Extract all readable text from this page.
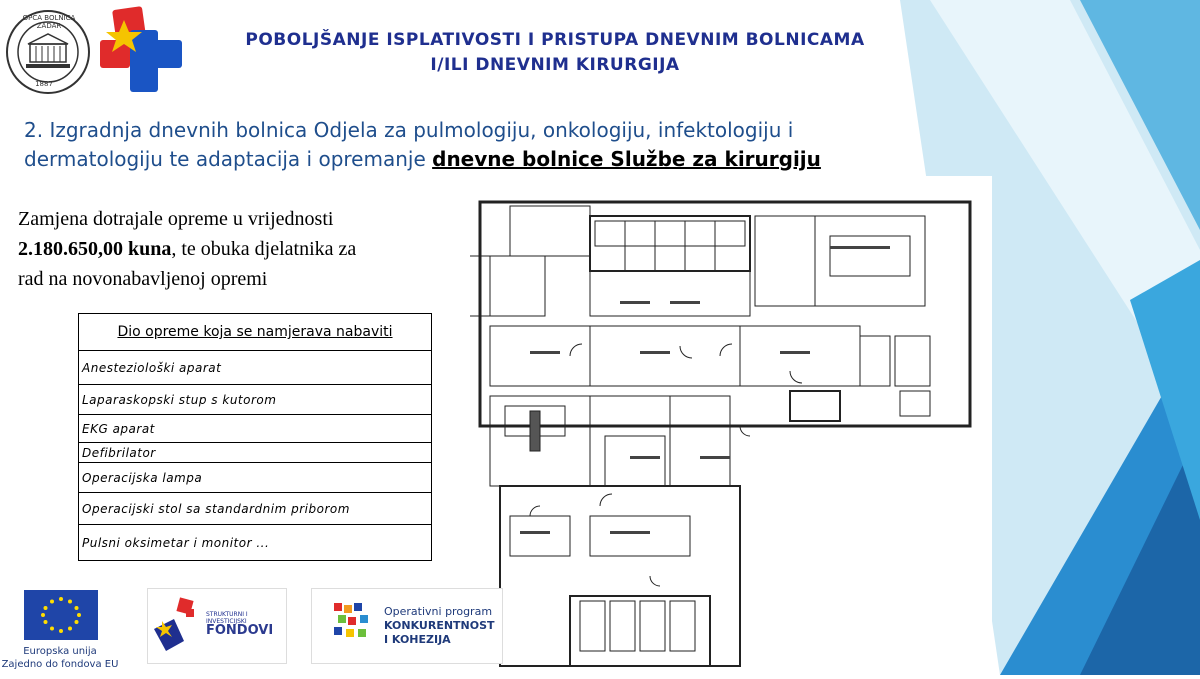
OPĆA BOLNICA ZADAR
1887
POBOLJŠANJE ISPLATIVOSTI I PRISTUPA DNEVNIM BOLNICAMA
I/ILI DNEVNIM KIRURGIJA
2. Izgradnja dnevnih bolnica Odjela za pulmologiju, onkologiju, infektologiju i
dermatologiju te adaptacija i opremanje dnevne bolnice Službe za kirurgiju
Zamjena dotrajale opreme u vrijednosti
2.180.650,00 kuna, te obuka djelatnika za
rad na novonabavljenoj opremi
Dio opreme koja se namjerava nabaviti
Anesteziološki aparat
Laparaskopski stup s kutorom
EKG aparat
Defibrilator
Operacijska lampa
Operacijski stol sa standardnim priborom
Pulsni oksimetar i monitor ...
Europska unija
Zajedno do fondova EU
STRUKTURNI I INVESTICIJSKI
FONDOVI
Operativni program
KONKURENTNOST
I KOHEZIJA
